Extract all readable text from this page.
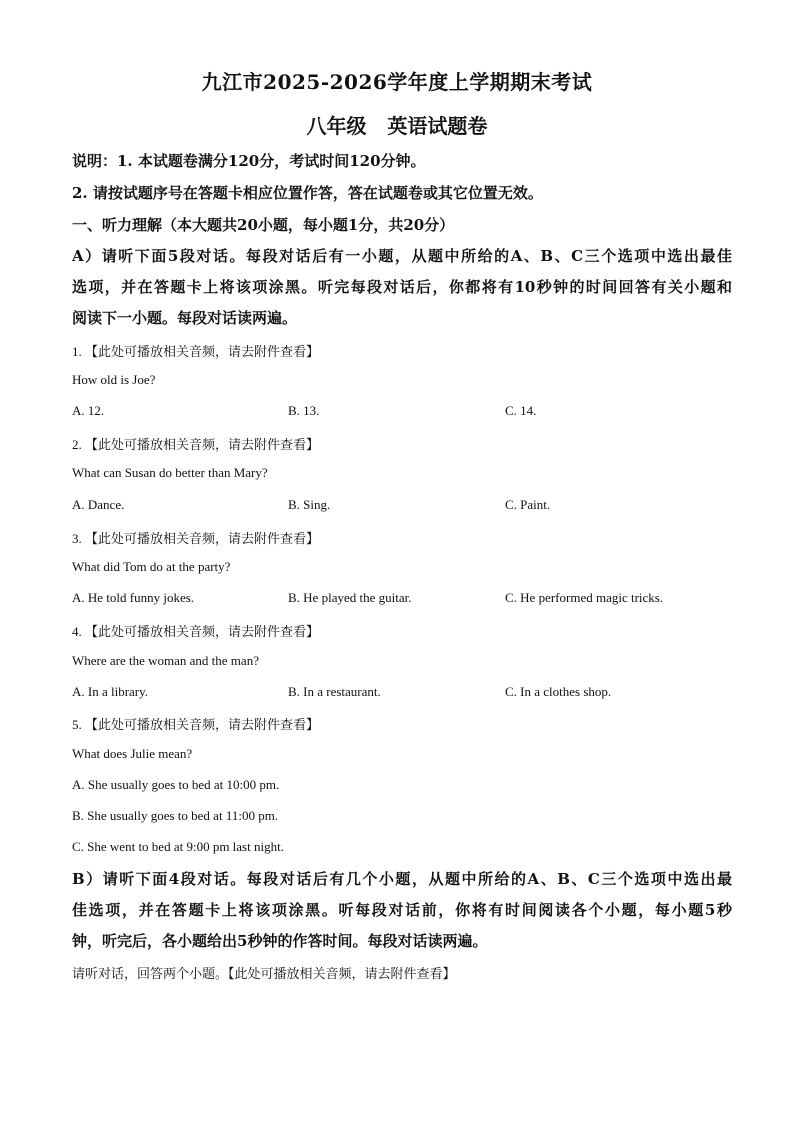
九江市2025-2026学年度上学期期末考试
八年级   英语试题卷
说明：1. 本试题卷满分120分，考试时间120分钟。
2. 请按试题序号在答题卡相应位置作答，答在试题卷或其它位置无效。
一、听力理解（本大题共20小题，每小题1分，共20分）
A）请听下面5段对话。每段对话后有一小题，从题中所给的A、B、C三个选项中选出最佳
选项，并在答题卡上将该项涂黑。听完每段对话后，你都将有10秒钟的时间回答有关小题和
阅读下一小题。每段对话读两遍。
1. 【此处可播放相关音频，请去附件查看】
How old is Joe?
A. 12.	B. 13.	C. 14.
2. 【此处可播放相关音频，请去附件查看】
What can Susan do better than Mary?
A. Dance.	B. Sing.	C. Paint.
3. 【此处可播放相关音频，请去附件查看】
What did Tom do at the party?
A. He told funny jokes.	B. He played the guitar.	C. He performed magic tricks.
4. 【此处可播放相关音频，请去附件查看】
Where are the woman and the man?
A. In a library.	B. In a restaurant.	C. In a clothes shop.
5. 【此处可播放相关音频，请去附件查看】
What does Julie mean?
A. She usually goes to bed at 10:00 pm.
B. She usually goes to bed at 11:00 pm.
C. She went to bed at 9:00 pm last night.
B）请听下面4段对话。每段对话后有几个小题，从题中所给的A、B、C三个选项中选出最
佳选项，并在答题卡上将该项涂黑。听每段对话前，你将有时间阅读各个小题，每小题5秒
钟，听完后，各小题给出5秒钟的作答时间。每段对话读两遍。
请听对话，回答两个小题。【此处可播放相关音频，请去附件查看】
